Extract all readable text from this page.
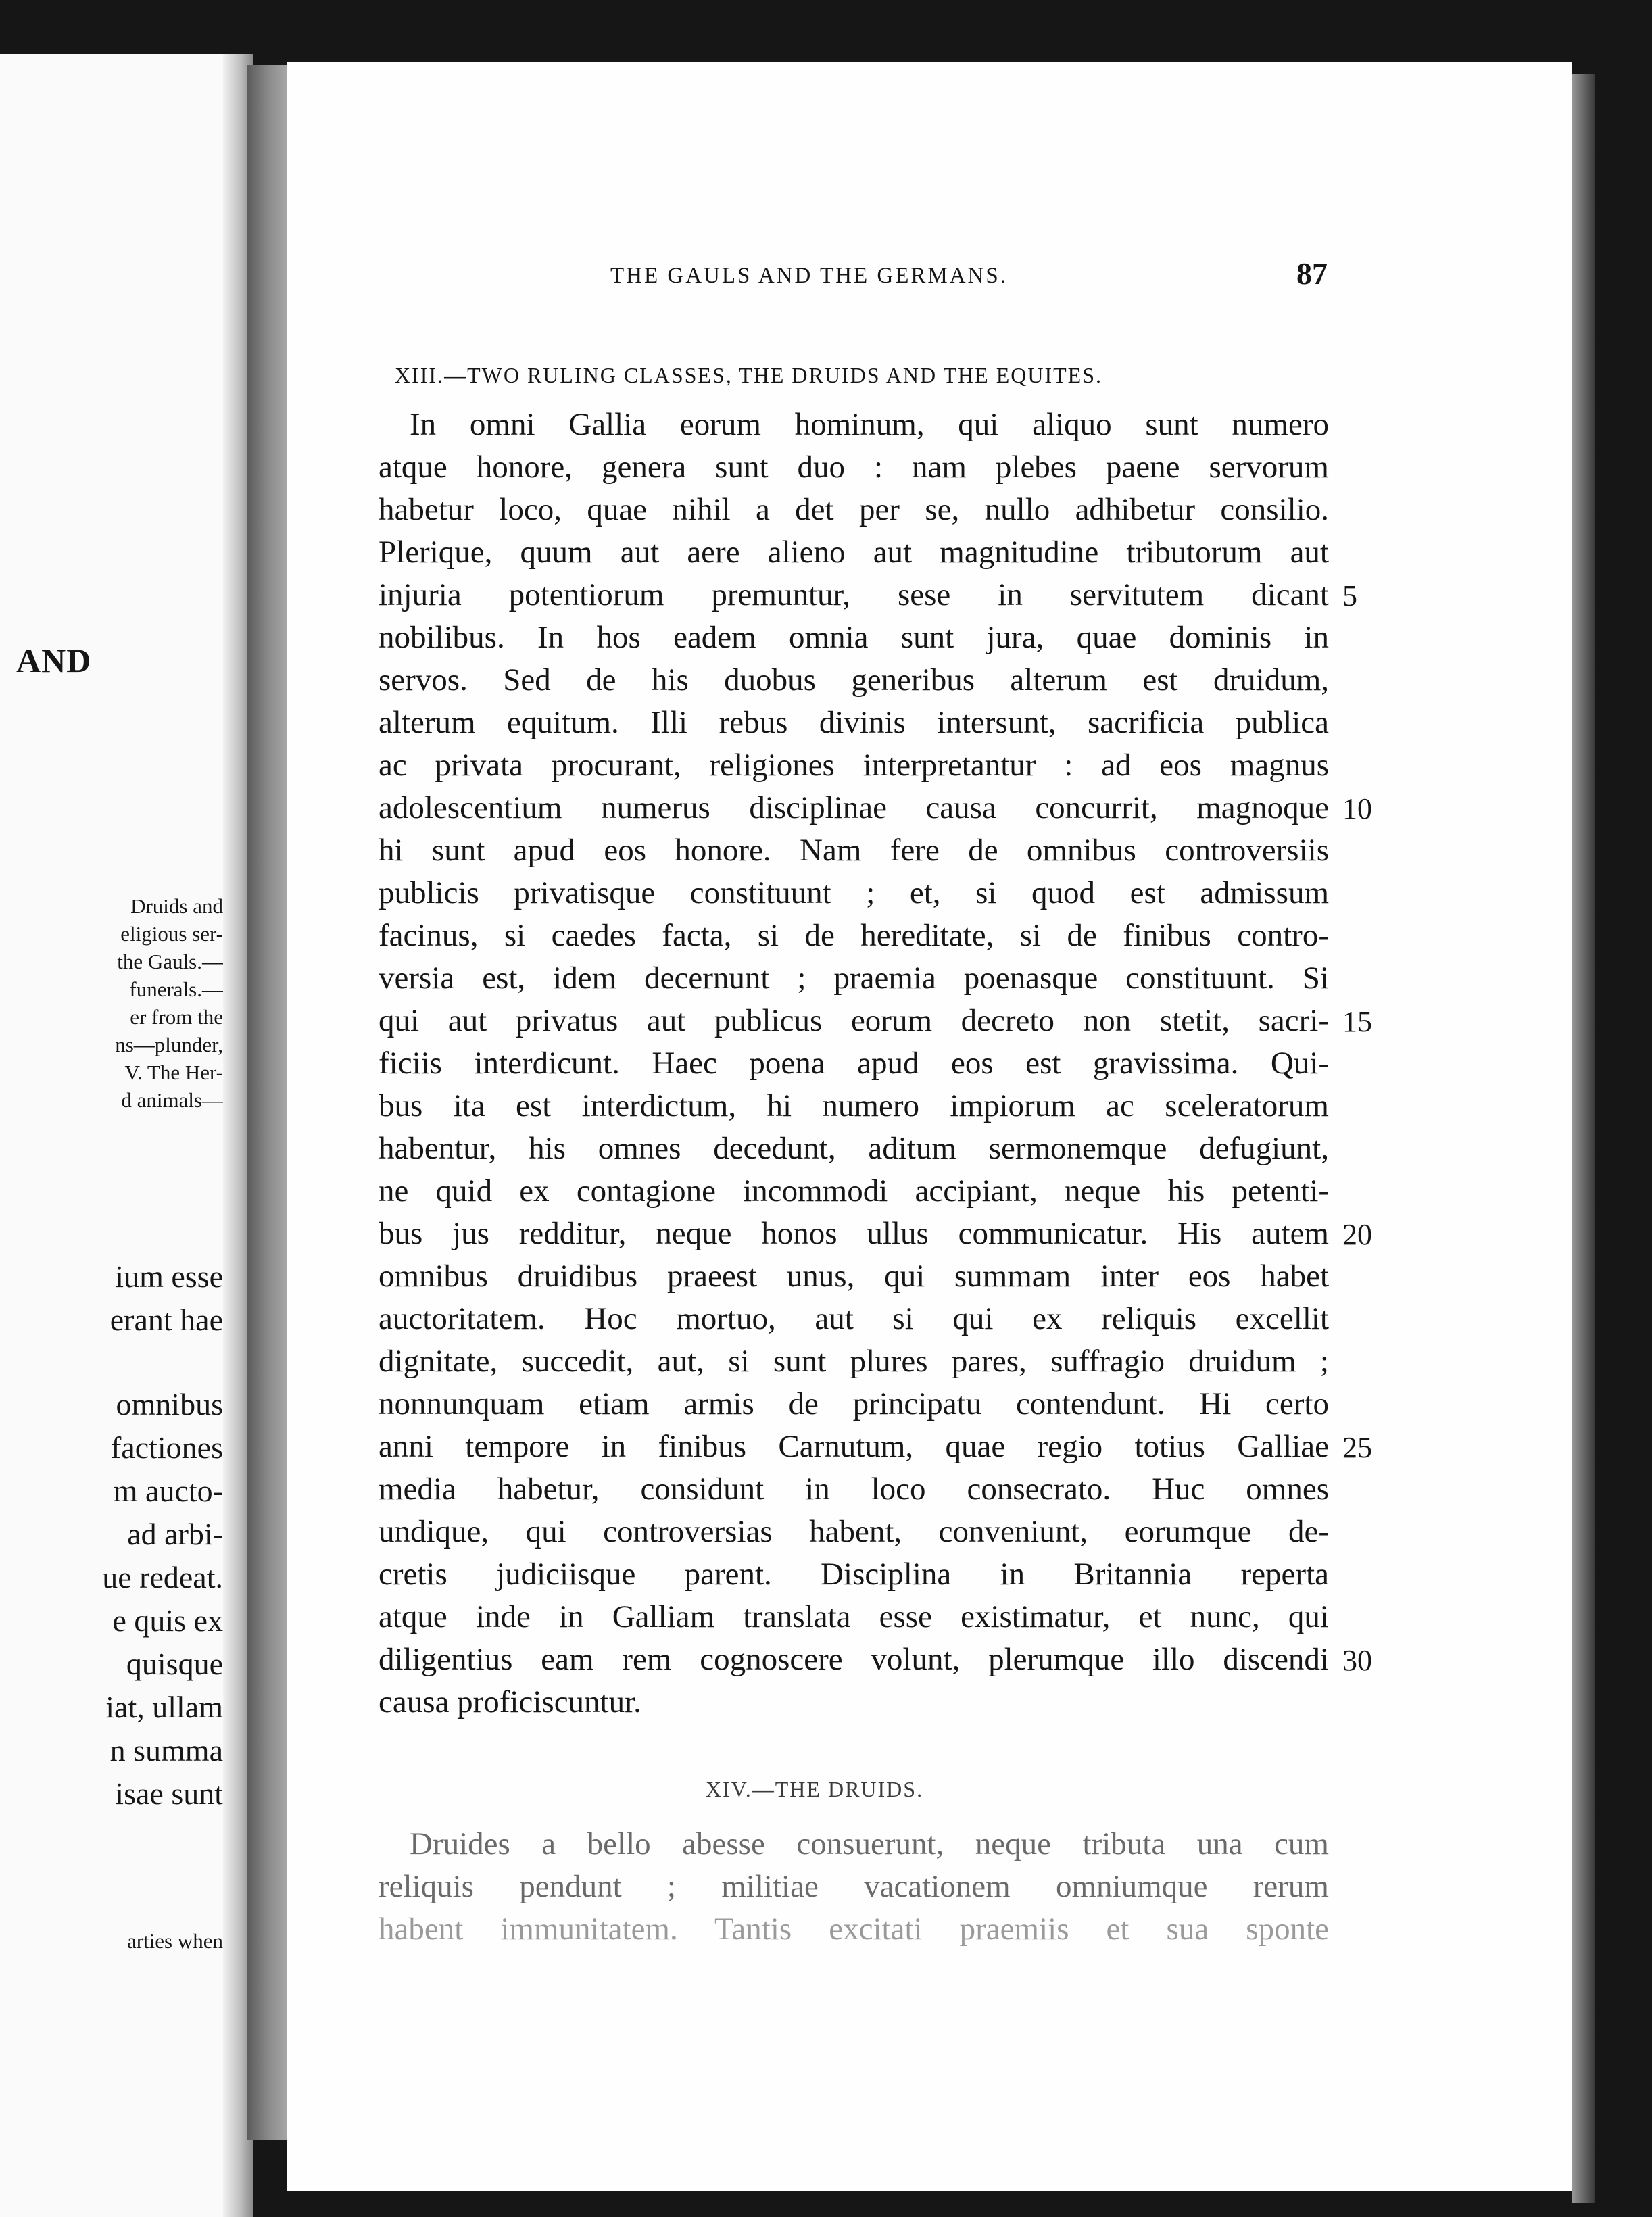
AND
Druids and
eligious ser-
the Gauls.—
funerals.—
er from the
ns—plunder,
V. The Her-
d animals—
ium esse
erant hae
omnibus
factiones
m aucto-
ad arbi-
ue redeat.
e quis ex
quisque
iat, ullam
n summa
isae sunt
arties when
THE GAULS AND THE GERMANS.	87
XIII.—TWO RULING CLASSES, THE DRUIDS AND THE EQUITES.
In omni Gallia eorum hominum, qui aliquo sunt numero
atque honore, genera sunt duo : nam plebes paene servorum
habetur loco, quae nihil a det per se, nullo adhibetur consilio.
Plerique, quum aut aere alieno aut magnitudine tributorum aut
injuria potentiorum premuntur, sese in servitutem dicant
nobilibus. In hos eadem omnia sunt jura, quae dominis in
servos. Sed de his duobus generibus alterum est druidum,
alterum equitum. Illi rebus divinis intersunt, sacrificia publica
ac privata procurant, religiones interpretantur : ad eos magnus
adolescentium numerus disciplinae causa concurrit, magnoque
hi sunt apud eos honore. Nam fere de omnibus controversiis
publicis privatisque constituunt ; et, si quod est admissum
facinus, si caedes facta, si de hereditate, si de finibus contro-
versia est, idem decernunt ; praemia poenasque constituunt. Si
qui aut privatus aut publicus eorum decreto non stetit, sacri-
ficiis interdicunt. Haec poena apud eos est gravissima. Qui-
bus ita est interdictum, hi numero impiorum ac sceleratorum
habentur, his omnes decedunt, aditum sermonemque defugiunt,
ne quid ex contagione incommodi accipiant, neque his petenti-
bus jus redditur, neque honos ullus communicatur. His autem
omnibus druidibus praeest unus, qui summam inter eos habet
auctoritatem. Hoc mortuo, aut si qui ex reliquis excellit
dignitate, succedit, aut, si sunt plures pares, suffragio druidum ;
nonnunquam etiam armis de principatu contendunt. Hi certo
anni tempore in finibus Carnutum, quae regio totius Galliae
media habetur, considunt in loco consecrato. Huc omnes
undique, qui controversias habent, conveniunt, eorumque de-
cretis judiciisque parent. Disciplina in Britannia reperta
atque inde in Galliam translata esse existimatur, et nunc, qui
diligentius eam rem cognoscere volunt, plerumque illo discendi
causa proficiscuntur.
5
10
15
20
25
30
XIV.—THE DRUIDS.
Druides a bello abesse consuerunt, neque tributa una cum
reliquis pendunt ; militiae vacationem omniumque rerum
habent immunitatem. Tantis excitati praemiis et sua sponte
